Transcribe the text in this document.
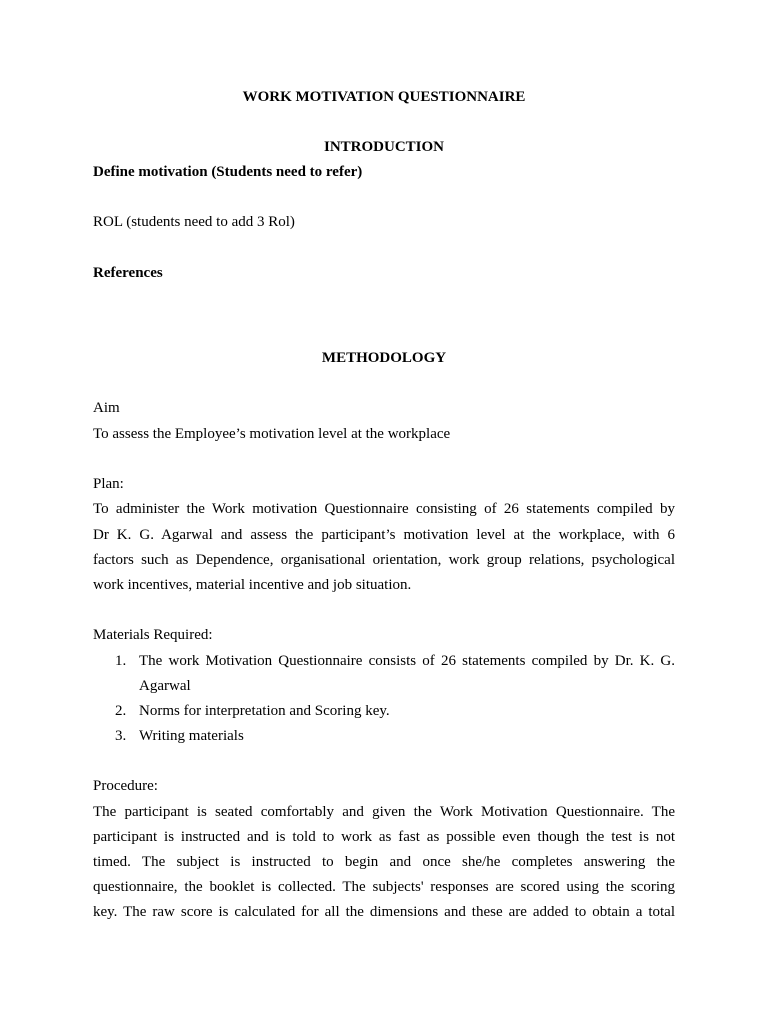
WORK MOTIVATION QUESTIONNAIRE
INTRODUCTION
Define motivation (Students need to refer)
ROL (students need to add 3 Rol)
References
METHODOLOGY
Aim
To assess the Employee’s motivation level at the workplace
Plan:
To administer the Work motivation Questionnaire consisting of 26 statements compiled by
Dr K. G. Agarwal and assess the participant’s motivation level at the workplace, with 6
factors such as Dependence, organisational orientation, work group relations, psychological
work incentives, material incentive and job situation.
Materials Required:
1. The work Motivation Questionnaire consists of 26 statements compiled by Dr. K. G.
Agarwal
2. Norms for interpretation and Scoring key.
3. Writing materials
Procedure:
The participant is seated comfortably and given the Work Motivation Questionnaire. The
participant is instructed and is told to work as fast as possible even though the test is not
timed. The subject is instructed to begin and once she/he completes answering the
questionnaire, the booklet is collected. The subjects' responses are scored using the scoring
key. The raw score is calculated for all the dimensions and these are added to obtain a total
